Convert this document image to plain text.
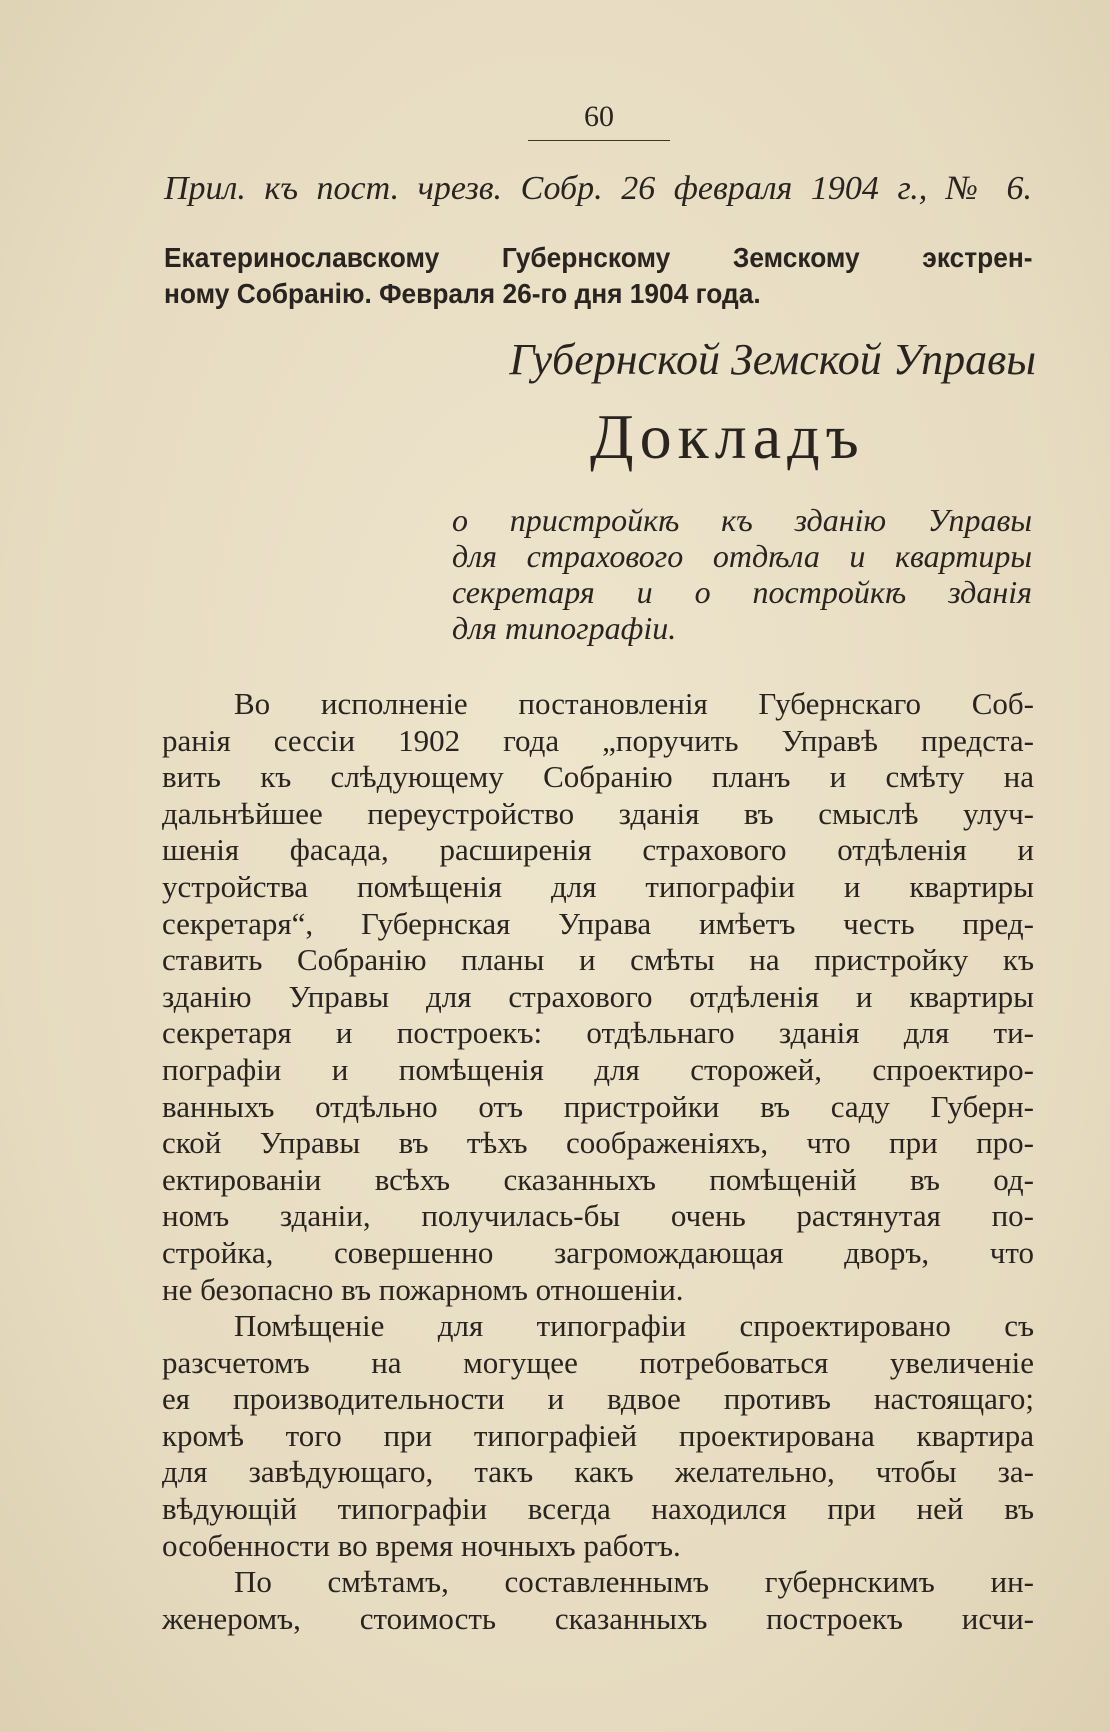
60
Прил. къ пост. чрезв. Собр. 26 февраля 1904 г., № 6.
Екатеринославскому Губернскому Земскому экстрен-
ному Собранію. Февраля 26-го дня 1904 года.
Губернской Земской Управы
Докладъ
о пристройкѣ къ зданію Управы
для страхового отдѣла и квартиры
секретаря и о постройкѣ зданія
для типографіи.
Во исполненіе постановленія Губернскаго Соб-
ранія сессіи 1902 года „поручить Управѣ предста-
вить къ слѣдующему Собранію планъ и смѣту на
дальнѣйшее переустройство зданія въ смыслѣ улуч-
шенія фасада, расширенія страхового отдѣленія и
устройства помѣщенія для типографіи и квартиры
секретаря“, Губернская Управа имѣетъ честь пред-
ставить Собранію планы и смѣты на пристройку къ
зданію Управы для страхового отдѣленія и квартиры
секретаря и построекъ: отдѣльнаго зданія для ти-
пографіи и помѣщенія для сторожей, спроектиро-
ванныхъ отдѣльно отъ пристройки въ саду Губерн-
ской Управы въ тѣхъ соображеніяхъ, что при про-
ектированіи всѣхъ сказанныхъ помѣщеній въ од-
номъ зданіи, получилась-бы очень растянутая по-
стройка, совершенно загромождающая дворъ, что
не безопасно въ пожарномъ отношеніи.
Помѣщеніе для типографіи спроектировано съ
разсчетомъ на могущее потребоваться увеличеніе
ея производительности и вдвое противъ настоящаго;
кромѣ того при типографіей проектирована квартира
для завѣдующаго, такъ какъ желательно, чтобы за-
вѣдующій типографіи всегда находился при ней въ
особенности во время ночныхъ работъ.
По смѣтамъ, составленнымъ губернскимъ ин-
женеромъ, стоимость сказанныхъ построекъ исчи-
